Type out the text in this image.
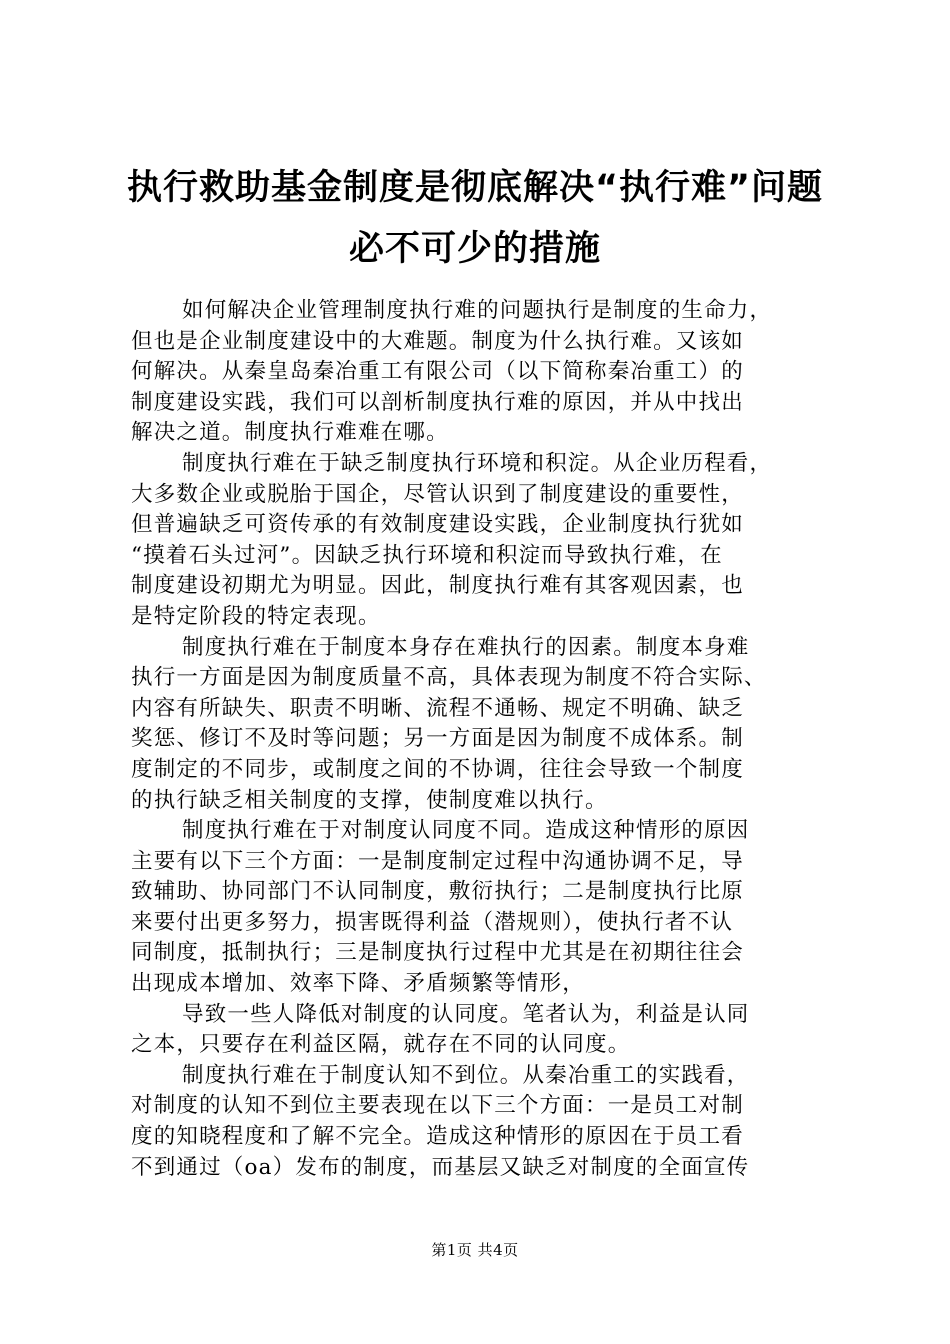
执行救助基金制度是彻底解决“执行难”问题
必不可少的措施
如何解决企业管理制度执行难的问题执行是制度的生命力，
但也是企业制度建设中的大难题。制度为什么执行难。又该如
何解决。从秦皇岛秦冶重工有限公司（以下简称秦冶重工）的
制度建设实践，我们可以剖析制度执行难的原因，并从中找出
解决之道。制度执行难难在哪。
制度执行难在于缺乏制度执行环境和积淀。从企业历程看，
大多数企业或脱胎于国企，尽管认识到了制度建设的重要性，
但普遍缺乏可资传承的有效制度建设实践，企业制度执行犹如
“摸着石头过河”。因缺乏执行环境和积淀而导致执行难，在
制度建设初期尤为明显。因此，制度执行难有其客观因素，也
是特定阶段的特定表现。
制度执行难在于制度本身存在难执行的因素。制度本身难
执行一方面是因为制度质量不高，具体表现为制度不符合实际、
内容有所缺失、职责不明晰、流程不通畅、规定不明确、缺乏
奖惩、修订不及时等问题；另一方面是因为制度不成体系。制
度制定的不同步，或制度之间的不协调，往往会导致一个制度
的执行缺乏相关制度的支撑，使制度难以执行。
制度执行难在于对制度认同度不同。造成这种情形的原因
主要有以下三个方面：一是制度制定过程中沟通协调不足，导
致辅助、协同部门不认同制度，敷衍执行；二是制度执行比原
来要付出更多努力，损害既得利益（潜规则），使执行者不认
同制度，抵制执行；三是制度执行过程中尤其是在初期往往会
出现成本增加、效率下降、矛盾频繁等情形，
导致一些人降低对制度的认同度。笔者认为，利益是认同
之本，只要存在利益区隔，就存在不同的认同度。
制度执行难在于制度认知不到位。从秦冶重工的实践看，
对制度的认知不到位主要表现在以下三个方面：一是员工对制
度的知晓程度和了解不完全。造成这种情形的原因在于员工看
不到通过（oa）发布的制度，而基层又缺乏对制度的全面宣传
第1页 共4页
